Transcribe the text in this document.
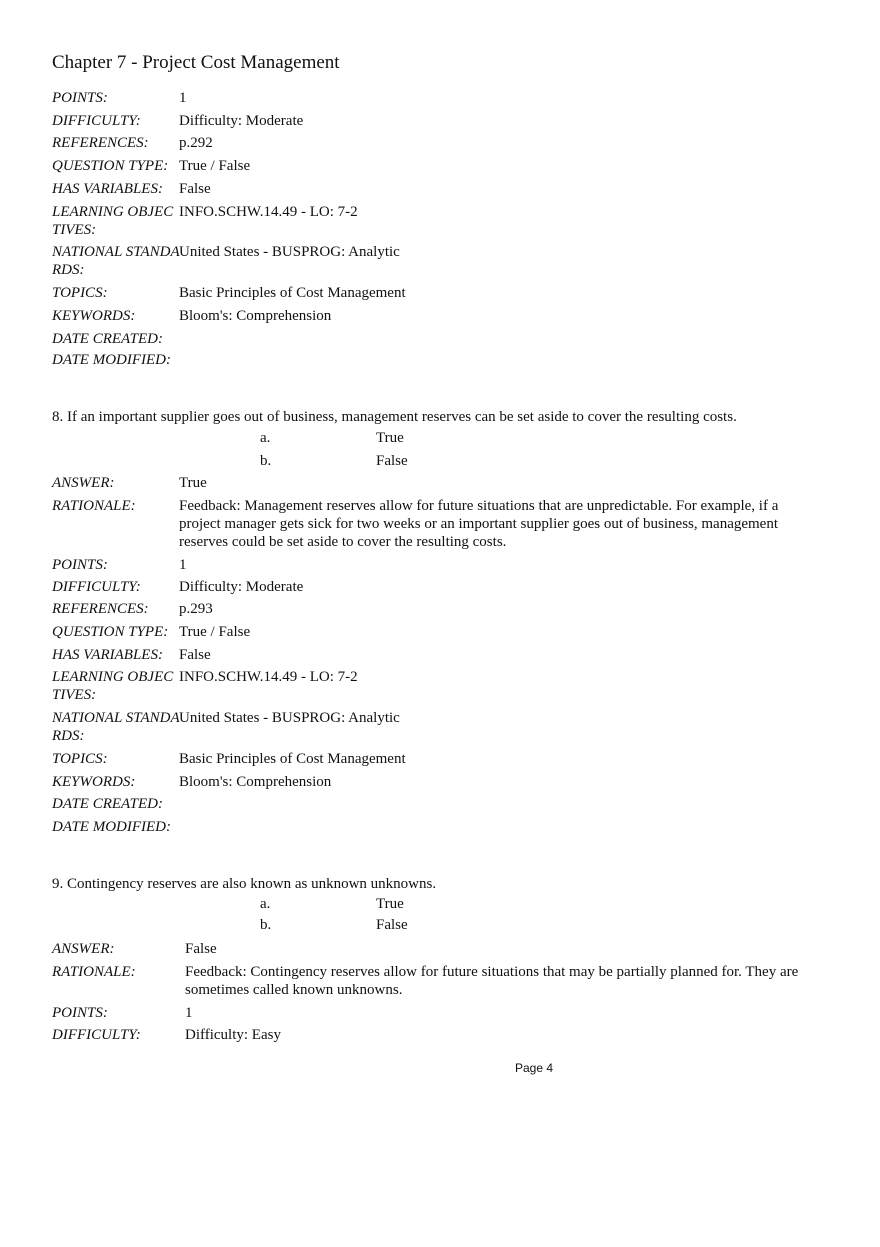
Chapter 7 - Project Cost Management
POINTS:	1
DIFFICULTY:	Difficulty: Moderate
REFERENCES:	p.292
QUESTION TYPE: True / False
HAS VARIABLES:	False
LEARNING OBJECTIVES:
INFO.SCHW.14.49 - LO: 7-2
NATIONAL STANDARDS:
United States - BUSPROG: Analytic
TOPICS:	Basic Principles of Cost Management
KEYWORDS:	Bloom's: Comprehension
DATE CREATED:
DATE MODIFIED:
8. If an important supplier goes out of business, management reserves can be set aside to cover the resulting costs.
a.	True
b.	False
ANSWER:	True
RATIONALE:	Feedback: Management reserves allow for future situations that are unpredictable. For example, if a project manager gets sick for two weeks or an important supplier goes out of business, management reserves could be set aside to cover the resulting costs.
POINTS:	1
DIFFICULTY:	Difficulty: Moderate
REFERENCES:	p.293
QUESTION TYPE: True / False
HAS VARIABLES:	False
LEARNING OBJECTIVES:
INFO.SCHW.14.49 - LO: 7-2
NATIONAL STANDARDS:
United States - BUSPROG: Analytic
TOPICS:	Basic Principles of Cost Management
KEYWORDS:	Bloom's: Comprehension
DATE CREATED:
DATE MODIFIED:
9. Contingency reserves are also known as unknown unknowns.
a.	True
b.	False
ANSWER:	False
RATIONALE:	Feedback: Contingency reserves allow for future situations that may be partially planned for. They are sometimes called known unknowns.
POINTS:	1
DIFFICULTY:	Difficulty: Easy
Page 4
